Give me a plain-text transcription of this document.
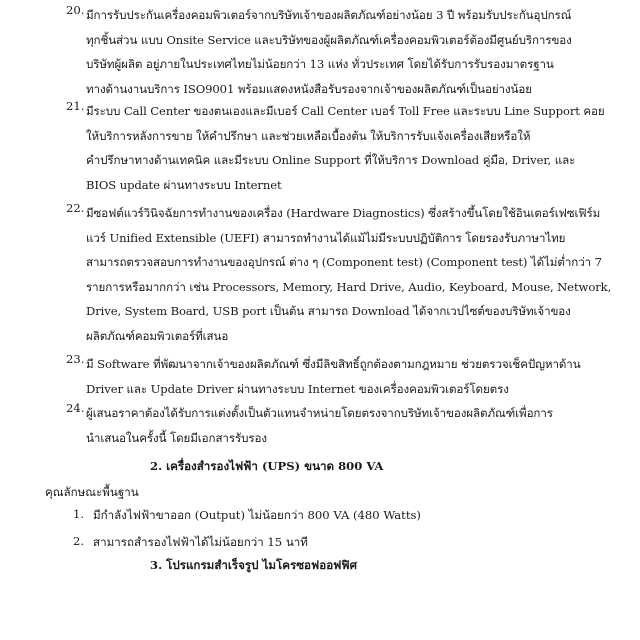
20. มีการรับประกันเครื่องคอมพิวเตอร์จากบริษัทเจ้าของผลิตภัณฑ์อย่างน้อย 3 ปี พร้อมรับประกันอุปกรณ์
ทุกชิ้นส่วน แบบ Onsite Service และบริษัทของผู้ผลิตภัณฑ์เครื่องคอมพิวเตอร์ต้องมีศูนย์บริการของ
บริษัทผู้ผลิต อยู่ภายในประเทศไทยไม่น้อยกว่า 13 แห่ง ทั่วประเทศ โดยได้รับการรับรองมาตรฐาน
ทางด้านงานบริการ ISO9001 พร้อมแสดงหนังสือรับรองจากเจ้าของผลิตภัณฑ์เป็นอย่างน้อย
21. มีระบบ Call Center ของตนเองและมีเบอร์ Call Center เบอร์ Toll Free และระบบ Line Support คอย
ให้บริการหลังการขาย ให้คำปรึกษา และช่วยเหลือเบื้องต้น ให้บริการรับแจ้งเครื่องเสียหรือให้
คำปรึกษาทางด้านเทคนิค และมีระบบ Online Support ที่ให้บริการ Download คู่มือ, Driver, และ
BIOS update ผ่านทางระบบ Internet
22. มีซอฟต์แวร์วินิจฉัยการทำงานของเครื่อง (Hardware Diagnostics) ซึ่งสร้างขึ้นโดยใช้อินเตอร์เฟซเฟิร์ม
แวร์ Unified Extensible (UEFI) สามารถทำงานได้แม้ไม่มีระบบปฏิบัติการ โดยรองรับภาษาไทย
สามารถตรวจสอบการทำงานของอุปกรณ์ ต่าง ๆ (Component test) (Component test) ได้ไม่ต่ำกว่า 7
รายการหรือมากกว่า เช่น Processors, Memory, Hard Drive, Audio, Keyboard, Mouse, Network,
Drive, System Board, USB port เป็นต้น สามารถ Download ได้จากเวปไซต์ของบริษัทเจ้าของ
ผลิตภัณฑ์คอมพิวเตอร์ที่เสนอ
23. มี Software ที่พัฒนาจากเจ้าของผลิตภัณฑ์ ซึ่งมีลิขสิทธิ์ถูกต้องตามกฎหมาย ช่วยตรวจเช็คปัญหาด้าน
Driver และ Update Driver ผ่านทางระบบ Internet ของเครื่องคอมพิวเตอร์โดยตรง
24. ผู้เสนอราคาต้องได้รับการแต่งตั้งเป็นตัวแทนจำหน่ายโดยตรงจากบริษัทเจ้าของผลิตภัณฑ์เพื่อการ
นำเสนอในครั้งนี้ โดยมีเอกสารรับรอง
2. เครื่องสำรองไฟฟ้า (UPS) ขนาด 800 VA
คุณลักษณะพื้นฐาน
1. มีกำลังไฟฟ้าขาออก (Output) ไม่น้อยกว่า 800 VA (480 Watts)
2. สามารถสำรองไฟฟ้าได้ไม่น้อยกว่า 15 นาที
3. โปรแกรมสำเร็จรูป ไมโครซอฟออฟฟิศ
